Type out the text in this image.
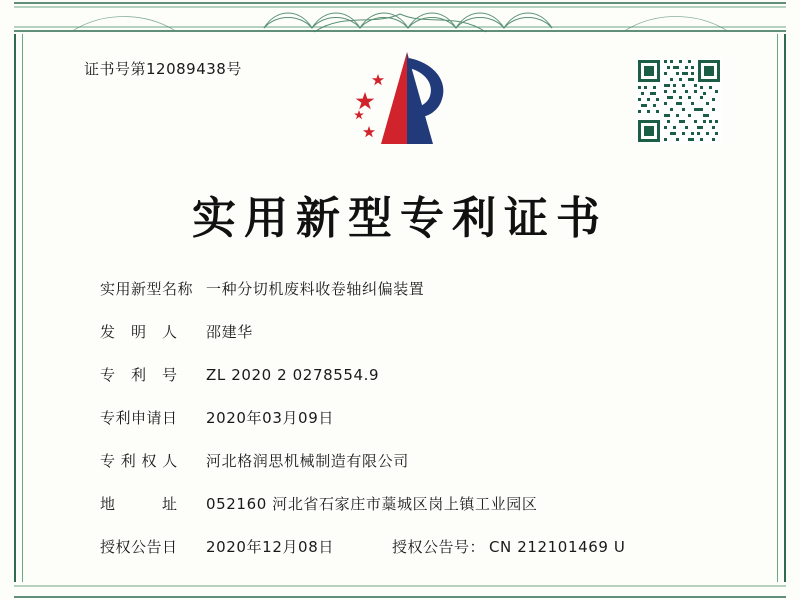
证书号第12089438号
实用新型专利证书
实用新型名称 一种分切机废料收卷轴纠偏装置
发　明　人	邵建华
专　利　号	ZL 2020 2 0278554.9
专利申请日	2020年03月09日
专 利 权 人	河北格润思机械制造有限公司
地　　　址	052160 河北省石家庄市藁城区岗上镇工业园区
授权公告日	2020年12月08日	授权公告号： CN 212101469 U
